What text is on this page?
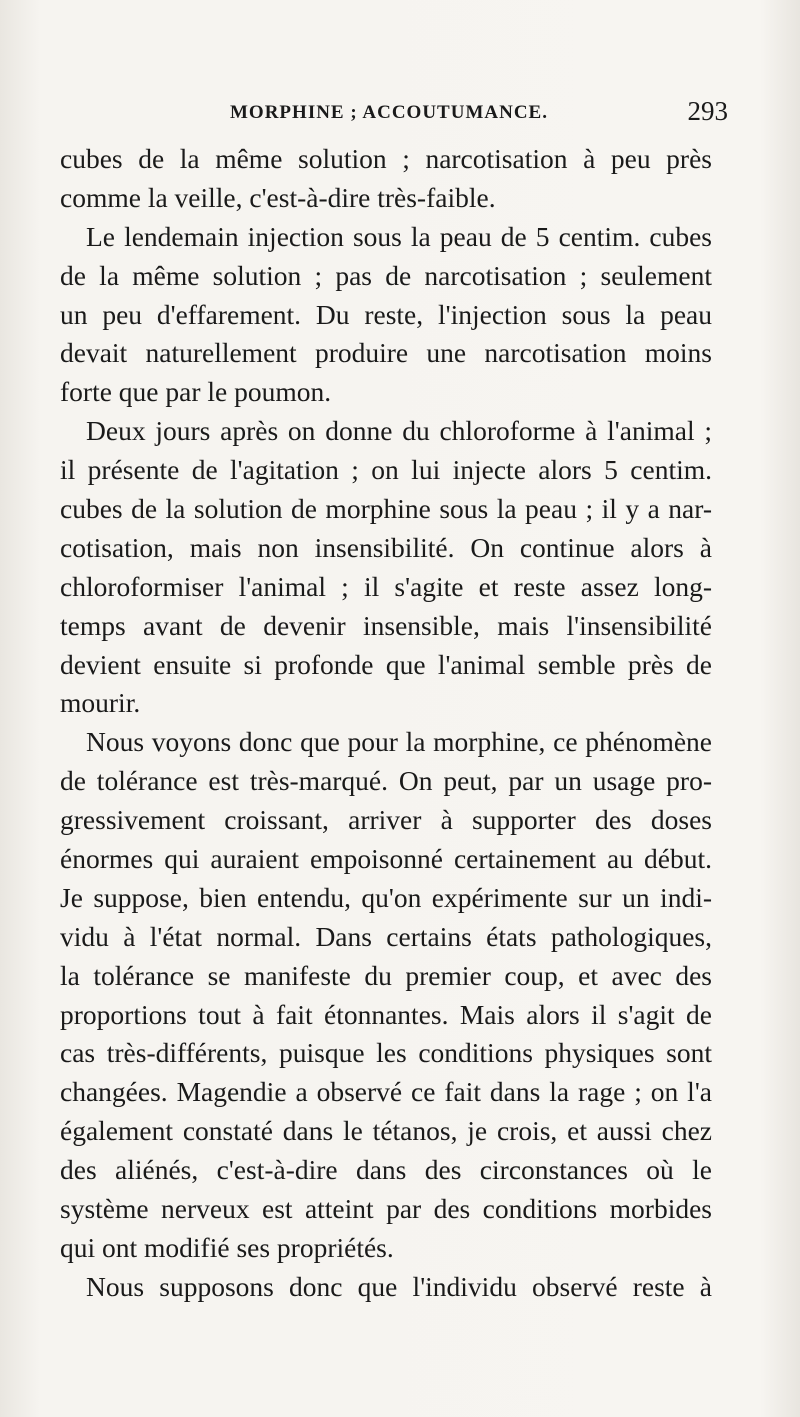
MORPHINE ; ACCOUTUMANCE.	293

cubes de la même solution ; narcotisation à peu près
comme la veille, c'est-à-dire très-faible.

Le lendemain injection sous la peau de 5 centim. cubes
de la même solution ; pas de narcotisation ; seulement
un peu d'effarement. Du reste, l'injection sous la peau
devait naturellement produire une narcotisation moins
forte que par le poumon.

Deux jours après on donne du chloroforme à l'animal ;
il présente de l'agitation ; on lui injecte alors 5 centim.
cubes de la solution de morphine sous la peau ; il y a nar-
cotisation, mais non insensibilité. On continue alors à
chloroformiser l'animal ; il s'agite et reste assez long-
temps avant de devenir insensible, mais l'insensibilité
devient ensuite si profonde que l'animal semble près de
mourir.

Nous voyons donc que pour la morphine, ce phénomène
de tolérance est très-marqué. On peut, par un usage pro-
gressivement croissant, arriver à supporter des doses
énormes qui auraient empoisonné certainement au début.
Je suppose, bien entendu, qu'on expérimente sur un indi-
vidu à l'état normal. Dans certains états pathologiques,
la tolérance se manifeste du premier coup, et avec des
proportions tout à fait étonnantes. Mais alors il s'agit de
cas très-différents, puisque les conditions physiques sont
changées. Magendie a observé ce fait dans la rage ; on l'a
également constaté dans le tétanos, je crois, et aussi chez
des aliénés, c'est-à-dire dans des circonstances où le
système nerveux est atteint par des conditions morbides
qui ont modifié ses propriétés.

Nous supposons donc que l'individu observé reste à
